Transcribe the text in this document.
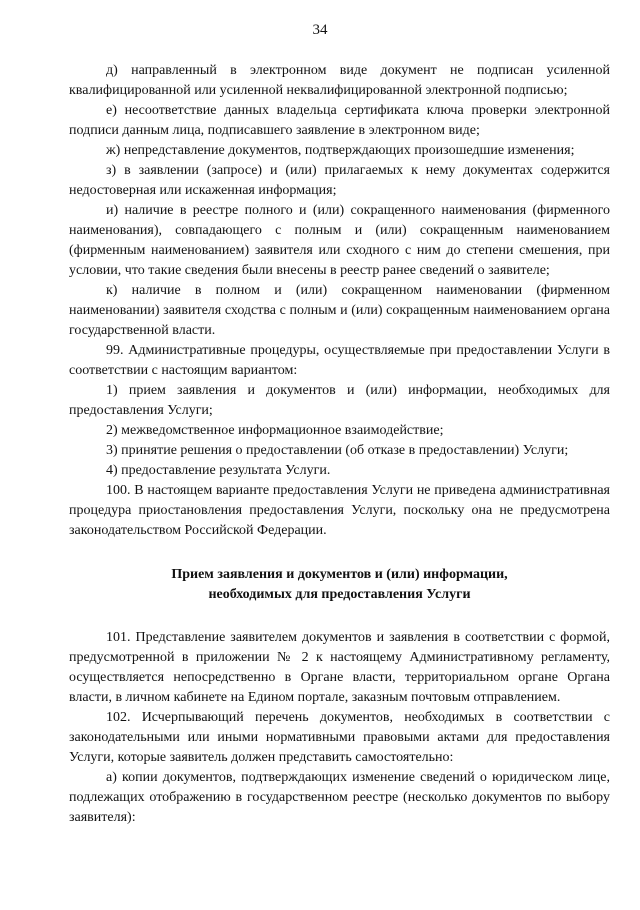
34

д) направленный в электронном виде документ не подписан усиленной квалифицированной или усиленной неквалифицированной электронной подписью;

е) несоответствие данных владельца сертификата ключа проверки электронной подписи данным лица, подписавшего заявление в электронном виде;

ж) непредставление документов, подтверждающих произошедшие изменения;

з) в заявлении (запросе) и (или) прилагаемых к нему документах содержится недостоверная или искаженная информация;

и) наличие в реестре полного и (или) сокращенного наименования (фирменного наименования), совпадающего с полным и (или) сокращенным наименованием (фирменным наименованием) заявителя или сходного с ним до степени смешения, при условии, что такие сведения были внесены в реестр ранее сведений о заявителе;

к) наличие в полном и (или) сокращенном наименовании (фирменном наименовании) заявителя сходства с полным и (или) сокращенным наименованием органа государственной власти.

99. Административные процедуры, осуществляемые при предоставлении Услуги в соответствии с настоящим вариантом:

1) прием заявления и документов и (или) информации, необходимых для предоставления Услуги;

2) межведомственное информационное взаимодействие;

3) принятие решения о предоставлении (об отказе в предоставлении) Услуги;

4) предоставление результата Услуги.

100. В настоящем варианте предоставления Услуги не приведена административная процедура приостановления предоставления Услуги, поскольку она не предусмотрена законодательством Российской Федерации.

Прием заявления и документов и (или) информации,
необходимых для предоставления Услуги

101. Представление заявителем документов и заявления в соответствии с формой, предусмотренной в приложении № 2 к настоящему Административному регламенту, осуществляется непосредственно в Органе власти, территориальном органе Органа власти, в личном кабинете на Едином портале, заказным почтовым отправлением.

102. Исчерпывающий перечень документов, необходимых в соответствии с законодательными или иными нормативными правовыми актами для предоставления Услуги, которые заявитель должен представить самостоятельно:

а) копии документов, подтверждающих изменение сведений о юридическом лице, подлежащих отображению в государственном реестре (несколько документов по выбору заявителя):
